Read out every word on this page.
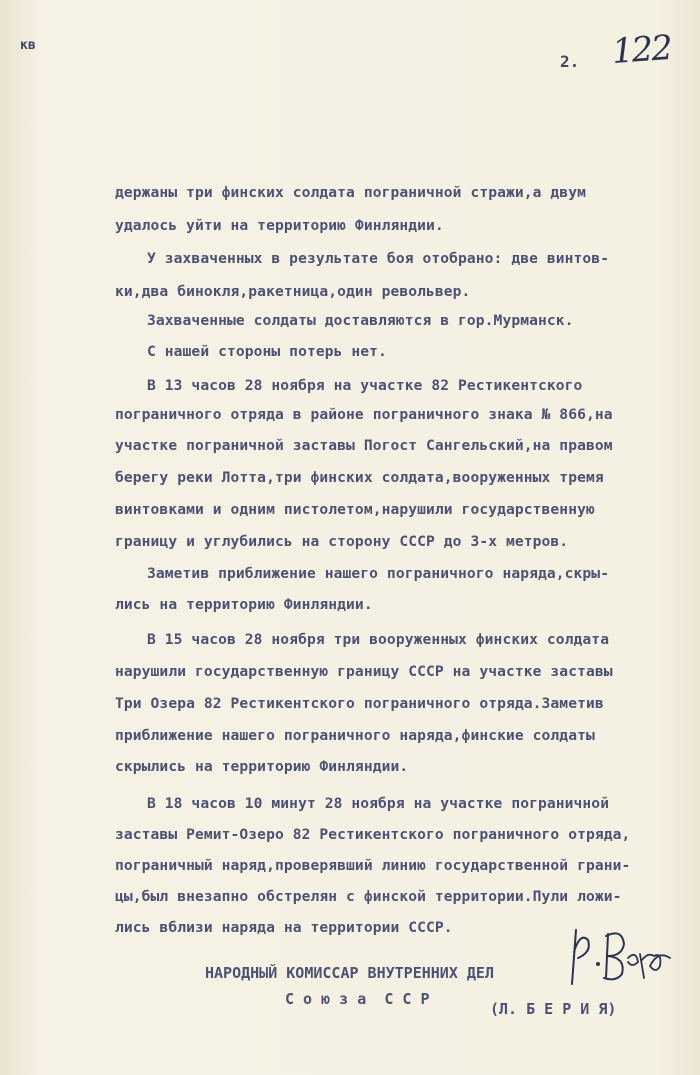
кв
2. 122
держаны три финских солдата пограничной стражи,а двум
удалось уйти на территорию Финляндии.
У захваченных в результате боя отобрано: две винтов-
ки,два бинокля,ракетница,один револьвер.
Захваченные солдаты доставляются в гор.Мурманск.
С нашей стороны потерь нет.
В 13 часов 28 ноября на участке 82 Рестикентского
пограничного отряда в районе пограничного знака № 866,на
участке пограничной заставы Погост Сангельский,на правом
берегу реки Лотта,три финских солдата,вооруженных тремя
винтовками и одним пистолетом,нарушили государственную
границу и углубились на сторону СССР до 3-х метров.
Заметив приближение нашего пограничного наряда,скры-
лись на территорию Финляндии.
В 15 часов 28 ноября три вооруженных финских солдата
нарушили государственную границу СССР на участке заставы
Три Озера 82 Рестикентского пограничного отряда.Заметив
приближение нашего пограничного наряда,финские солдаты
скрылись на территорию Финляндии.
В 18 часов 10 минут 28 ноября на участке пограничной
заставы Ремит-Озеро 82 Рестикентского пограничного отряда,
пограничный наряд,проверявший линию государственной грани-
цы,был внезапно обстрелян с финской территории.Пули ложи-
лись вблизи наряда на территории СССР.
НАРОДНЫЙ КОМИССАР ВНУТРЕННИХ ДЕЛ
С о ю з а  С С Р
(Л. Б Е Р И Я)
